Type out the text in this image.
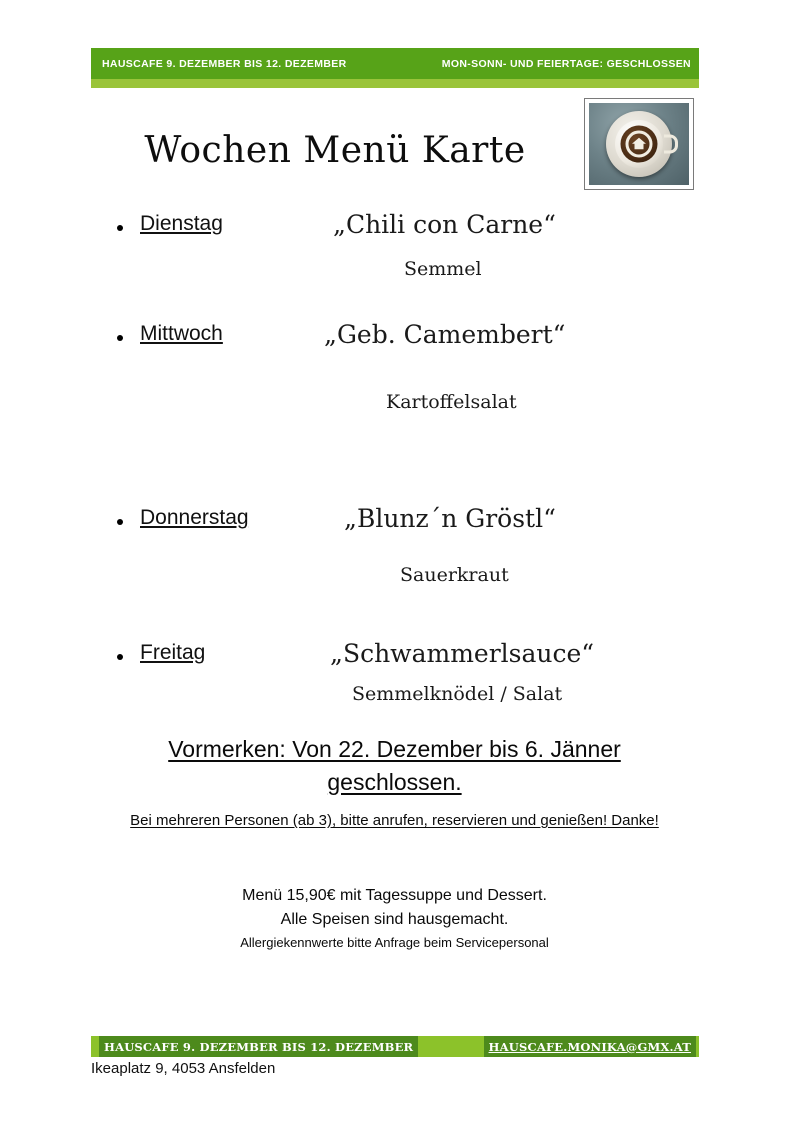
HAUSCAFE 9. DEZEMBER BIS 12. DEZEMBER	MON-SONN- UND FEIERTAGE: GESCHLOSSEN
Wochen Menü Karte
Dienstag	„Chili con Carne“
Semmel
Mittwoch	„Geb. Camembert“
Kartoffelsalat
Donnerstag	„Blunz´n Gröstl“
Sauerkraut
Freitag	„Schwammerlsauce“
Semmelknödel / Salat
Vormerken: Von 22. Dezember bis 6. Jänner
geschlossen.
Bei mehreren Personen (ab 3), bitte anrufen, reservieren und genießen! Danke!
Menü 15,90€ mit Tagessuppe und Dessert.
Alle Speisen sind hausgemacht.
Allergiekennwerte bitte Anfrage beim Servicepersonal
HAUSCAFE 9. DEZEMBER BIS 12. DEZEMBER	HAUSCAFE.MONIKA@GMX.AT
Ikeaplatz 9, 4053 Ansfelden
